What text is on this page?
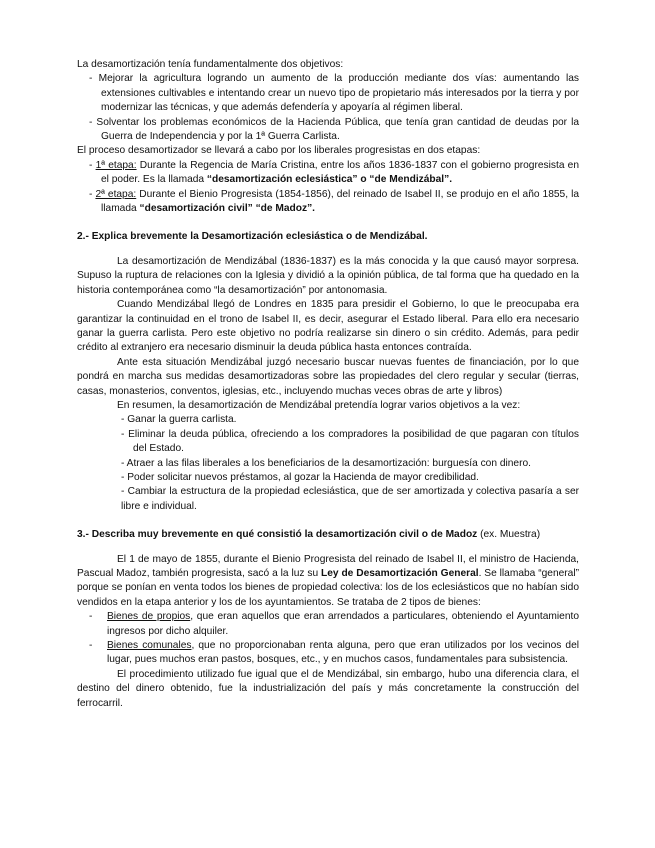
La desamortización tenía fundamentalmente dos objetivos:

- Mejorar la agricultura logrando un aumento de la producción mediante dos vías: aumentando las extensiones cultivables e intentando crear un nuevo tipo de propietario más interesados por la tierra y por modernizar las técnicas, y que además defendería y apoyaría al régimen liberal.

- Solventar los problemas económicos de la Hacienda Pública, que tenía gran cantidad de deudas por la Guerra de Independencia y por la 1ª Guerra Carlista.

El proceso desamortizador se llevará a cabo por los liberales progresistas en dos etapas:

- 1ª etapa: Durante la Regencia de María Cristina, entre los años 1836-1837 con el gobierno progresista en el poder. Es la llamada “desamortización eclesiástica” o “de Mendizábal”.

- 2ª etapa: Durante el Bienio Progresista (1854-1856), del reinado de Isabel II, se produjo en el año 1855, la llamada “desamortización civil” “de Madoz”.

2.- Explica brevemente la Desamortización eclesiástica o de Mendizábal.

La desamortización de Mendizábal (1836-1837) es la más conocida y la que causó mayor sorpresa. Supuso la ruptura de relaciones con la Iglesia y dividió a la opinión pública, de tal forma que ha quedado en la historia contemporánea como “la desamortización” por antonomasia.

Cuando Mendizábal llegó de Londres en 1835 para presidir el Gobierno, lo que le preocupaba era garantizar la continuidad en el trono de Isabel II, es decir, asegurar el Estado liberal. Para ello era necesario ganar la guerra carlista. Pero este objetivo no podría realizarse sin dinero o sin crédito. Además, para pedir crédito al extranjero era necesario disminuir la deuda pública hasta entonces contraída.

Ante esta situación Mendizábal juzgó necesario buscar nuevas fuentes de financiación, por lo que pondrá en marcha sus medidas desamortizadoras sobre las propiedades del clero regular y secular (tierras, casas, monasterios, conventos, iglesias, etc., incluyendo muchas veces obras de arte y libros)

En resumen, la desamortización de Mendizábal pretendía lograr varios objetivos a la vez:

- Ganar la guerra carlista.

- Eliminar la deuda pública, ofreciendo a los compradores la posibilidad de que pagaran con títulos del Estado.

- Atraer a las filas liberales a los beneficiarios de la desamortización: burguesía con dinero.

- Poder solicitar nuevos préstamos, al gozar la Hacienda de mayor credibilidad.

- Cambiar la estructura de la propiedad eclesiástica, que de ser amortizada y colectiva pasaría a ser libre e individual.

3.- Describa muy brevemente en qué consistió la desamortización civil o de Madoz (ex. Muestra)

El 1 de mayo de 1855, durante el Bienio Progresista del reinado de Isabel II, el ministro de Hacienda, Pascual Madoz, también progresista, sacó a la luz su Ley de Desamortización General. Se llamaba “general” porque se ponían en venta todos los bienes de propiedad colectiva: los de los eclesiásticos que no habían sido vendidos en la etapa anterior y los de los ayuntamientos. Se trataba de 2 tipos de bienes:

-	Bienes de propios, que eran aquellos que eran arrendados a particulares, obteniendo el Ayuntamiento ingresos por dicho alquiler.
-	Bienes comunales, que no proporcionaban renta alguna, pero que eran utilizados por los vecinos del lugar, pues muchos eran pastos, bosques, etc., y en muchos casos, fundamentales para subsistencia.

El procedimiento utilizado fue igual que el de Mendizábal, sin embargo, hubo una diferencia clara, el destino del dinero obtenido, fue la industrialización del país y más concretamente la construcción del ferrocarril.
